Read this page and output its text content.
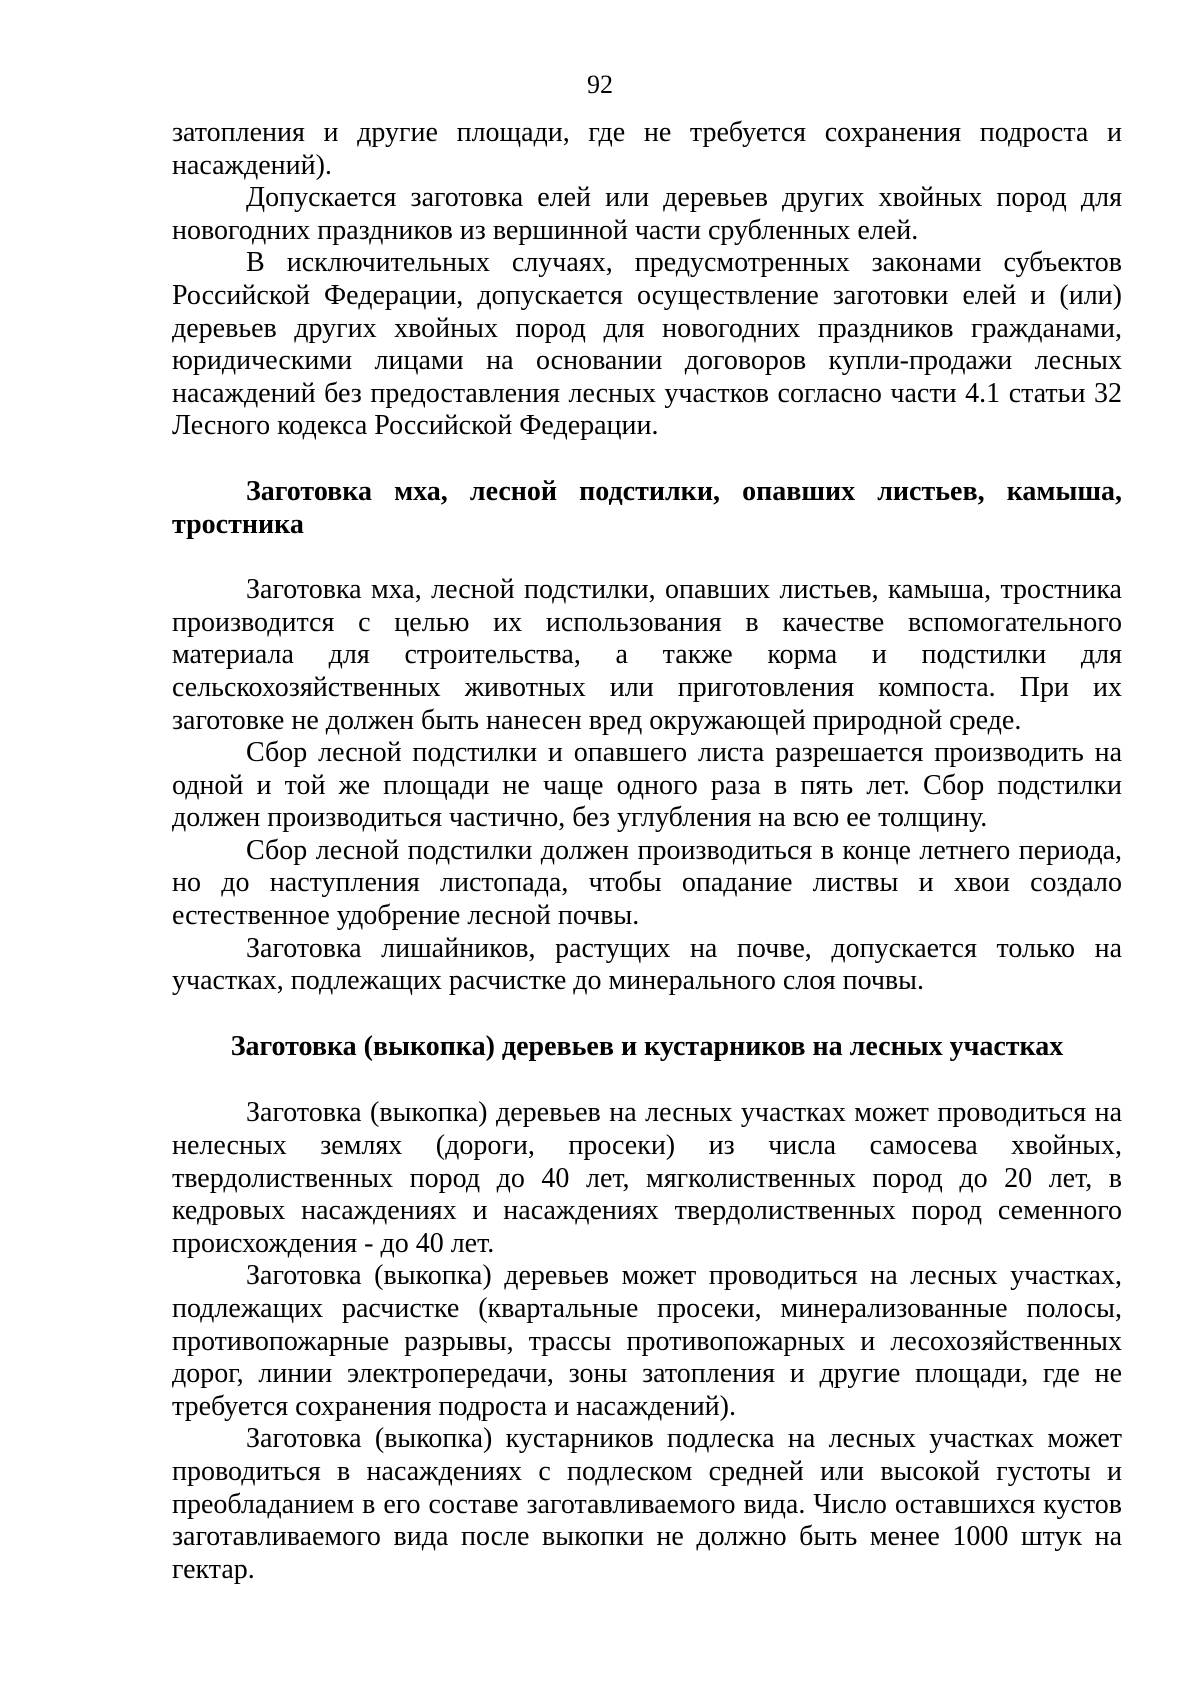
92

затопления и другие площади, где не требуется сохранения подроста и насаждений).

Допускается заготовка елей или деревьев других хвойных пород для новогодних праздников из вершинной части срубленных елей.

В исключительных случаях, предусмотренных законами субъектов Российской Федерации, допускается осуществление заготовки елей и (или) деревьев других хвойных пород для новогодних праздников гражданами, юридическими лицами на основании договоров купли-продажи лесных насаждений без предоставления лесных участков согласно части 4.1 статьи 32 Лесного кодекса Российской Федерации.

Заготовка мха, лесной подстилки, опавших листьев, камыша, тростника

Заготовка мха, лесной подстилки, опавших листьев, камыша, тростника производится с целью их использования в качестве вспомогательного материала для строительства, а также корма и подстилки для сельскохозяйственных животных или приготовления компоста. При их заготовке не должен быть нанесен вред окружающей природной среде.

Сбор лесной подстилки и опавшего листа разрешается производить на одной и той же площади не чаще одного раза в пять лет. Сбор подстилки должен производиться частично, без углубления на всю ее толщину.

Сбор лесной подстилки должен производиться в конце летнего периода, но до наступления листопада, чтобы опадание листвы и хвои создало естественное удобрение лесной почвы.

Заготовка лишайников, растущих на почве, допускается только на участках, подлежащих расчистке до минерального слоя почвы.

Заготовка (выкопка) деревьев и кустарников на лесных участках

Заготовка (выкопка) деревьев на лесных участках может проводиться на нелесных землях (дороги, просеки) из числа самосева хвойных, твердолиственных пород до 40 лет, мягколиственных пород до 20 лет, в кедровых насаждениях и насаждениях твердолиственных пород семенного происхождения - до 40 лет.

Заготовка (выкопка) деревьев может проводиться на лесных участках, подлежащих расчистке (квартальные просеки, минерализованные полосы, противопожарные разрывы, трассы противопожарных и лесохозяйственных дорог, линии электропередачи, зоны затопления и другие площади, где не требуется сохранения подроста и насаждений).

Заготовка (выкопка) кустарников подлеска на лесных участках может проводиться в насаждениях с подлеском средней или высокой густоты и преобладанием в его составе заготавливаемого вида. Число оставшихся кустов заготавливаемого вида после выкопки не должно быть менее 1000 штук на гектар.
